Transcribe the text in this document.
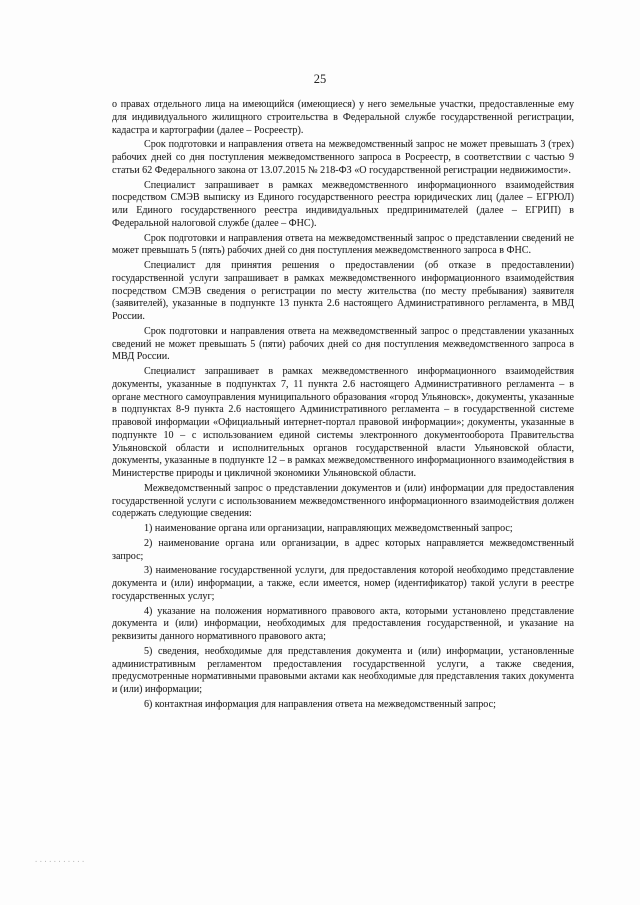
25

о правах отдельного лица на имеющийся (имеющиеся) у него земельные участки, предоставленные ему для индивидуального жилищного строительства в Федеральной службе государственной регистрации, кадастра и картографии (далее – Росреестр).

Срок подготовки и направления ответа на межведомственный запрос не может превышать 3 (трех) рабочих дней со дня поступления межведомственного запроса в Росреестр, в соответствии с частью 9 статьи 62 Федерального закона от 13.07.2015 № 218-ФЗ «О государственной регистрации недвижимости».

Специалист запрашивает в рамках межведомственного информационного взаимодействия посредством СМЭВ выписку из Единого государственного реестра юридических лиц (далее – ЕГРЮЛ) или Единого государственного реестра индивидуальных предпринимателей (далее – ЕГРИП) в Федеральной налоговой службе (далее – ФНС).

Срок подготовки и направления ответа на межведомственный запрос о представлении сведений не может превышать 5 (пять) рабочих дней со дня поступления межведомственного запроса в ФНС.

Специалист для принятия решения о предоставлении (об отказе в предоставлении) государственной услуги запрашивает в рамках межведомственного информационного взаимодействия посредством СМЭВ сведения о регистрации по месту жительства (по месту пребывания) заявителя (заявителей), указанные в подпункте 13 пункта 2.6 настоящего Административного регламента, в МВД России.

Срок подготовки и направления ответа на межведомственный запрос о представлении указанных сведений не может превышать 5 (пяти) рабочих дней со дня поступления межведомственного запроса в МВД России.

Специалист запрашивает в рамках межведомственного информационного взаимодействия документы, указанные в подпунктах 7, 11 пункта 2.6 настоящего Административного регламента – в органе местного самоуправления муниципального образования «город Ульяновск», документы, указанные в подпунктах 8-9 пункта 2.6 настоящего Административного регламента – в государственной системе правовой информации «Официальный интернет-портал правовой информации»; документы, указанные в подпункте 10 – с использованием единой системы электронного документооборота Правительства Ульяновской области и исполнительных органов государственной власти Ульяновской области, документы, указанные в подпункте 12 – в рамках межведомственного информационного взаимодействия в Министерстве природы и цикличной экономики Ульяновской области.

Межведомственный запрос о представлении документов и (или) информации для предоставления государственной услуги с использованием межведомственного информационного взаимодействия должен содержать следующие сведения:

1) наименование органа или организации, направляющих межведомственный запрос;

2) наименование органа или организации, в адрес которых направляется межведомственный запрос;

3) наименование государственной услуги, для предоставления которой необходимо представление документа и (или) информации, а также, если имеется, номер (идентификатор) такой услуги в реестре государственных услуг;

4) указание на положения нормативного правового акта, которыми установлено представление документа и (или) информации, необходимых для предоставления государственной, и указание на реквизиты данного нормативного правового акта;

5) сведения, необходимые для представления документа и (или) информации, установленные административным регламентом предоставления государственной услуги, а также сведения, предусмотренные нормативными правовыми актами как необходимые для представления таких документа и (или) информации;

6) контактная информация для направления ответа на межведомственный запрос;

...........
